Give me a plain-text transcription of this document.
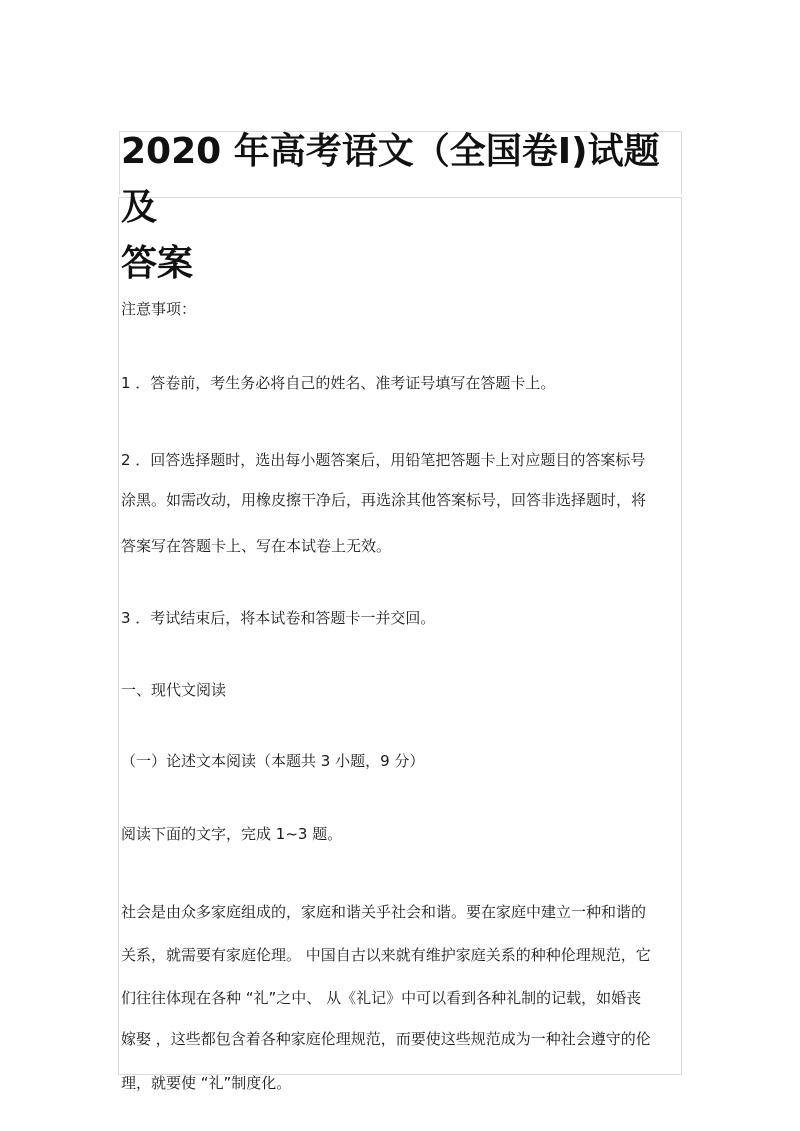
2020 年高考语文（全国卷Ⅰ)试题及
答案
注意事项：
1 ．答卷前，考生务必将自己的姓名、准考证号填写在答题卡上。
2 ．回答选择题时，选出每小题答案后，用铅笔把答题卡上对应题目的答案标号
涂黑。如需改动，用橡皮擦干净后，再选涂其他答案标号，回答非选择题时，将
答案写在答题卡上、写在本试卷上无效。
3 ．考试结束后，将本试卷和答题卡一并交回。
一、现代文阅读
（一）论述文本阅读（本题共 3 小题，9 分）
阅读下面的文字，完成 1~3 题。
社会是由众多家庭组成的，家庭和谐关乎社会和谐。要在家庭中建立一种和谐的
关系，就需要有家庭伦理。 中国自古以来就有维护家庭关系的种种伦理规范，它
们往往体现在各种 “礼”之中、 从《礼记》中可以看到各种礼制的记载，如婚丧
嫁娶 ，这些都包含着各种家庭伦理规范，而要使这些规范成为一种社会遵守的伦
理，就要使 “礼”制度化。
